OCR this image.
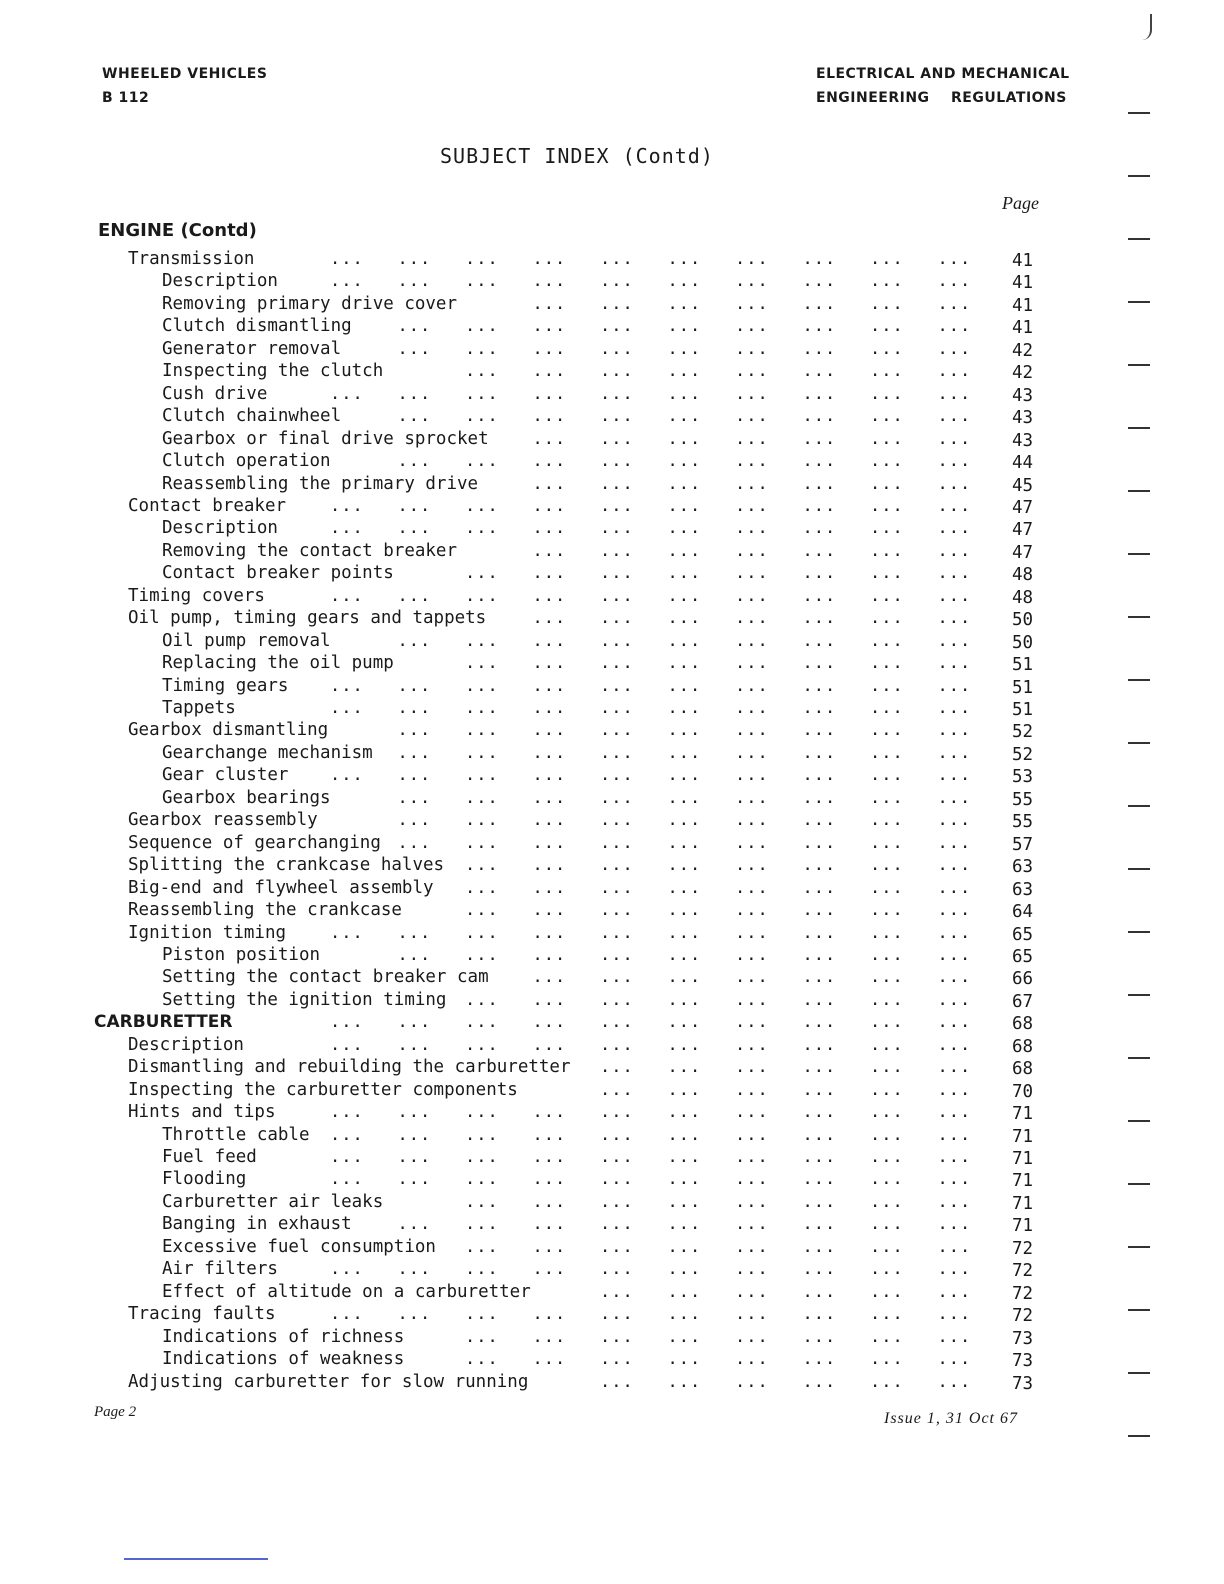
WHEELED VEHICLES
B 112
ELECTRICAL AND MECHANICAL
ENGINEERING    REGULATIONS
SUBJECT INDEX (Contd)
Page
ENGINE (Contd)
Transmission	... ... ... ... ... ... ... ... ... ... 41
Description	... ... ... ... ... ... ... ... ... ... 41
Removing primary drive cover	... ... ... ... ... ... ... 41
Clutch dismantling	... ... ... ... ... ... ... ... ... 41
Generator removal	... ... ... ... ... ... ... ... ... 42
Inspecting the clutch	... ... ... ... ... ... ... ... 42
Cush drive	... ... ... ... ... ... ... ... ... ... 43
Clutch chainwheel	... ... ... ... ... ... ... ... ... 43
Gearbox or final drive sprocket	... ... ... ... ... ... ... 43
Clutch operation	... ... ... ... ... ... ... ... ... 44
Reassembling the primary drive	... ... ... ... ... ... ... 45
Contact breaker	... ... ... ... ... ... ... ... ... ... 47
Description	... ... ... ... ... ... ... ... ... ... 47
Removing the contact breaker	... ... ... ... ... ... ... 47
Contact breaker points	... ... ... ... ... ... ... ... 48
Timing covers	... ... ... ... ... ... ... ... ... ... 48
Oil pump, timing gears and tappets	... ... ... ... ... ... ... 50
Oil pump removal	... ... ... ... ... ... ... ... ... 50
Replacing the oil pump	... ... ... ... ... ... ... ... 51
Timing gears ... ... ... ... ... ... ... ... ... ... 51
Tappets	... ... ... ... ... ... ... ... ... ... 51
Gearbox dismantling	... ... ... ... ... ... ... ... ... 52
Gearchange mechanism ... ... ... ... ... ... ... ... ... 52
Gear cluster ... ... ... ... ... ... ... ... ... ... 53
Gearbox bearings	... ... ... ... ... ... ... ... ... 55
Gearbox reassembly	... ... ... ... ... ... ... ... ... 55
Sequence of gearchanging ... ... ... ... ... ... ... ... ... 57
Splitting the crankcase halves ... ... ... ... ... ... ... ... 63
Big-end and flywheel assembly ... ... ... ... ... ... ... ... 63
Reassembling the crankcase	... ... ... ... ... ... ... ... 64
Ignition timing	... ... ... ... ... ... ... ... ... ... 65
Piston position	... ... ... ... ... ... ... ... ... 65
Setting the contact breaker cam	... ... ... ... ... ... ... 66
Setting the ignition timing ... ... ... ... ... ... ... ... 67
CARBURETTER	... ... ... ... ... ... ... ... ... ... 68
Description	... ... ... ... ... ... ... ... ... ... 68
Dismantling and rebuilding the carburetter ... ... ... ... ... ... 68
Inspecting the carburetter components	... ... ... ... ... ... 70
Hints and tips	... ... ... ... ... ... ... ... ... ... 71
Throttle cable ... ... ... ... ... ... ... ... ... ... 71
Fuel feed	... ... ... ... ... ... ... ... ... ... 71
Flooding	... ... ... ... ... ... ... ... ... ... 71
Carburetter air leaks	... ... ... ... ... ... ... ... 71
Banging in exhaust	... ... ... ... ... ... ... ... ... 71
Excessive fuel consumption ... ... ... ... ... ... ... ... 72
Air filters	... ... ... ... ... ... ... ... ... ... 72
Effect of altitude on a carburetter	... ... ... ... ... ... 72
Tracing faults	... ... ... ... ... ... ... ... ... ... 72
Indications of richness	... ... ... ... ... ... ... ... 73
Indications of weakness	... ... ... ... ... ... ... ... 73
Adjusting carburetter for slow running	... ... ... ... ... ... 73
Page 2	Issue 1, 31 Oct 67
